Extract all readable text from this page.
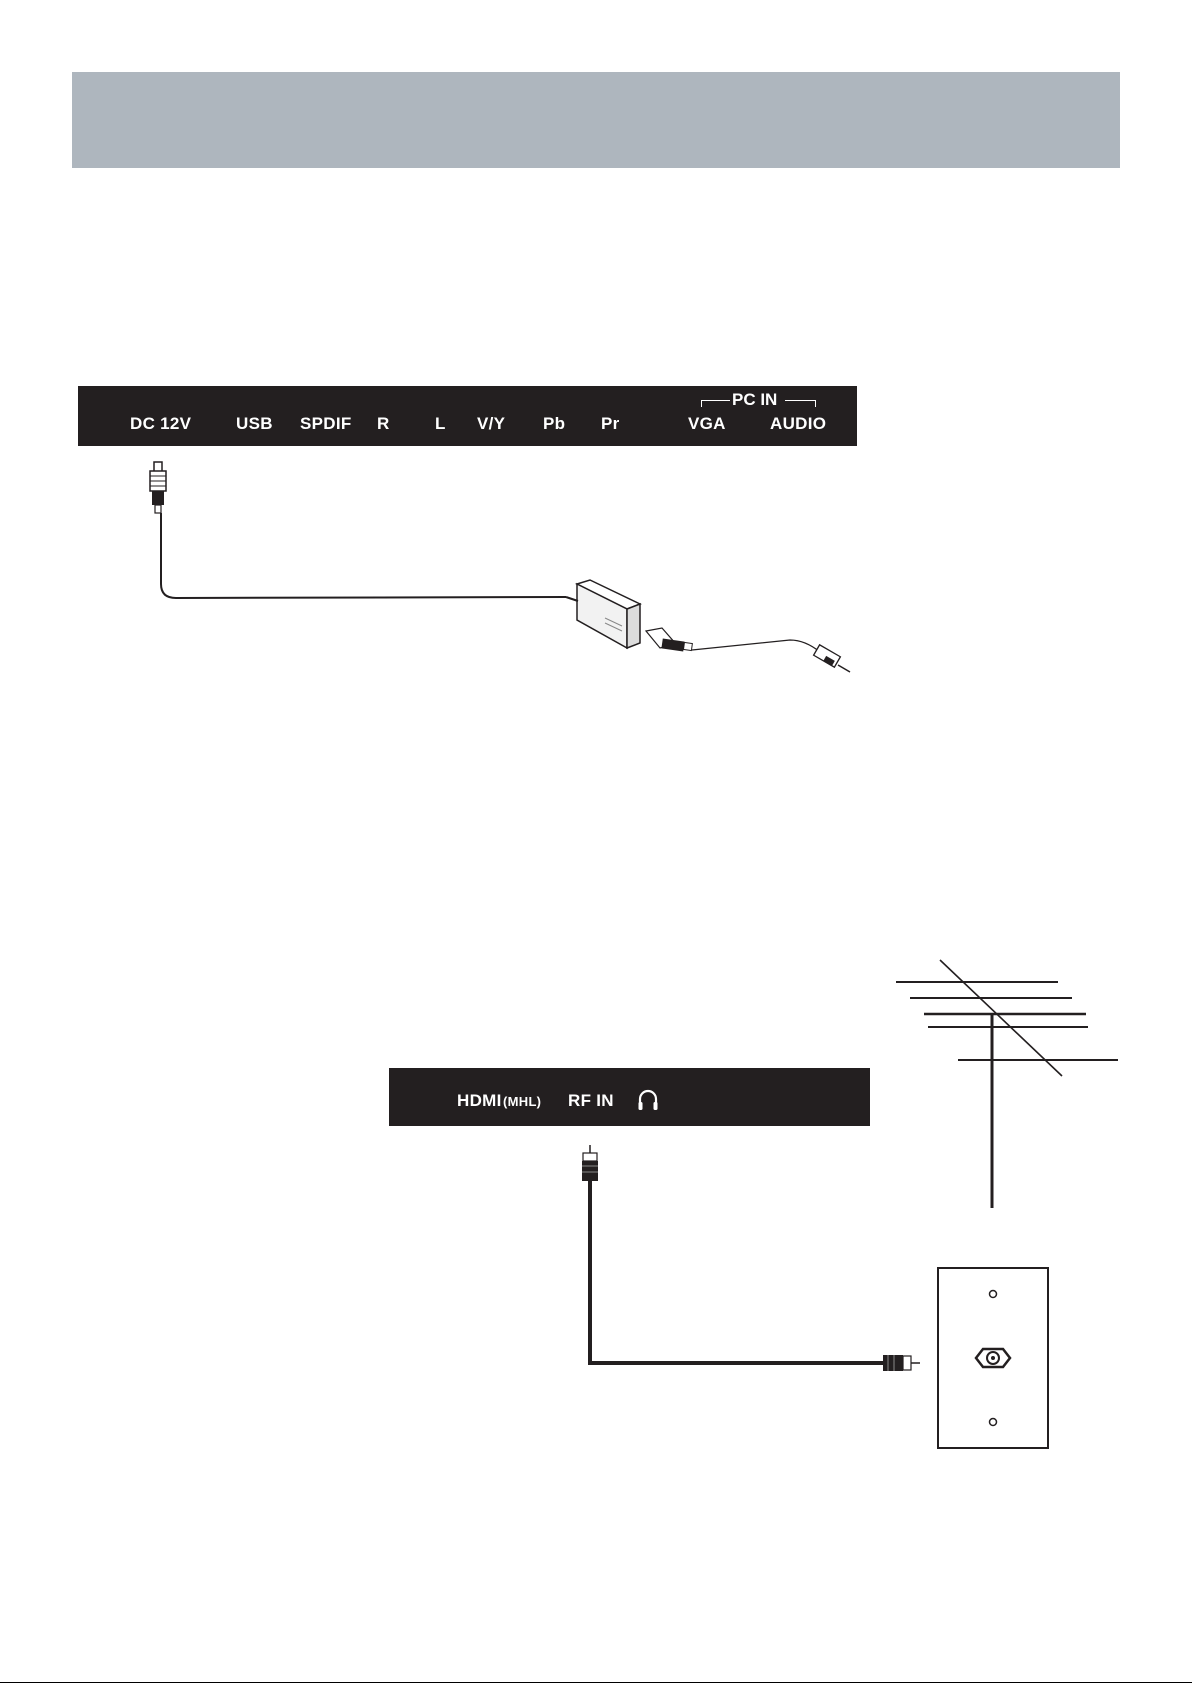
DC 12V	USB SPDIF R	L V/Y Pb Pr
PC IN
VGA	AUDIO
HDMI (MHL) RF IN
